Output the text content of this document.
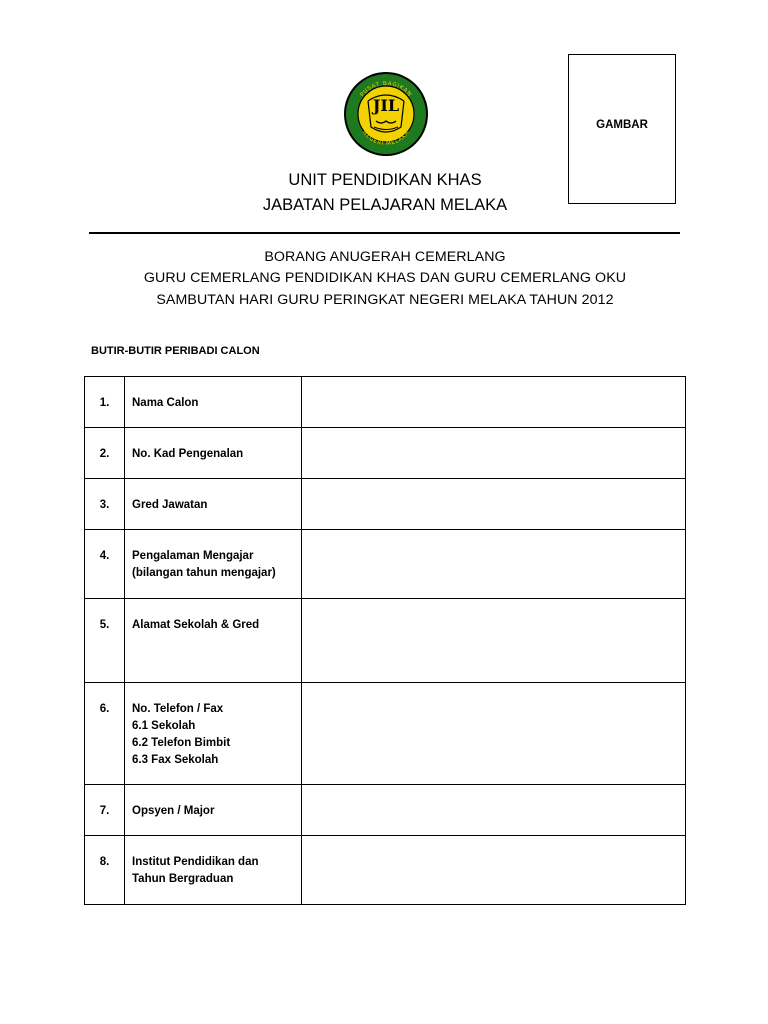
JIL
PUSAT BAGIKAN
NEGERI MELAKA
GAMBAR
UNIT PENDIDIKAN KHAS
JABATAN PELAJARAN MELAKA
BORANG ANUGERAH CEMERLANG
GURU CEMERLANG PENDIDIKAN KHAS DAN GURU CEMERLANG OKU
SAMBUTAN HARI GURU PERINGKAT NEGERI MELAKA TAHUN 2012
BUTIR-BUTIR PERIBADI CALON
1.	Nama Calon	

2.	No. Kad Pengenalan	

3.	Gred Jawatan	

4.	Pengalaman Mengajar
(bilangan tahun mengajar)	

5.	Alamat Sekolah & Gred	

6.	No. Telefon / Fax
6.1 Sekolah
6.2 Telefon Bimbit
6.3 Fax Sekolah	

7.	Opsyen / Major	

8.	Institut Pendidikan dan
Tahun Bergraduan	
